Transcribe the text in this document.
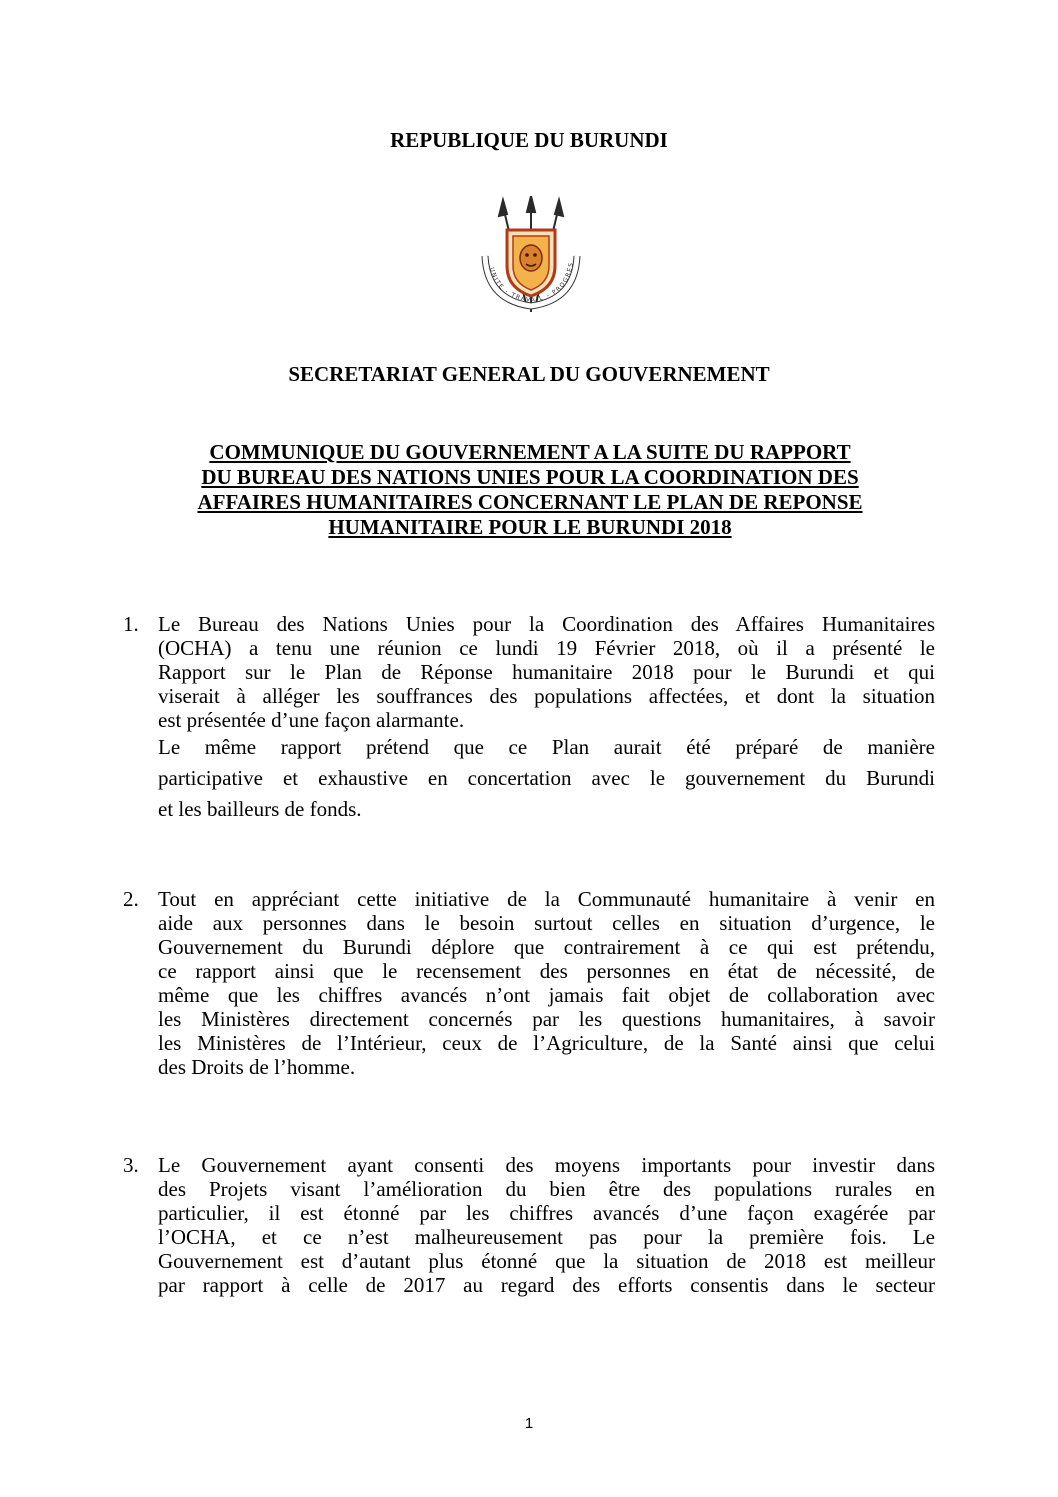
REPUBLIQUE DU BURUNDI
UNITE - TRAVAIL - PROGRES
SECRETARIAT GENERAL DU GOUVERNEMENT
COMMUNIQUE DU GOUVERNEMENT A LA SUITE DU RAPPORT
DU BUREAU DES NATIONS UNIES POUR LA COORDINATION DES
AFFAIRES HUMANITAIRES CONCERNANT LE PLAN DE REPONSE
HUMANITAIRE POUR LE BURUNDI 2018
1. Le Bureau des Nations Unies pour la Coordination des Affaires Humanitaires
(OCHA) a tenu une réunion ce lundi 19 Février 2018, où il a présenté le
Rapport sur le Plan de Réponse humanitaire 2018 pour le Burundi et qui
viserait à alléger les souffrances des populations affectées, et dont la situation
est présentée d’une façon alarmante.
Le même rapport prétend que ce Plan aurait été préparé de manière
participative et exhaustive en concertation avec le gouvernement du Burundi
et les bailleurs de fonds.
2. Tout en appréciant cette initiative de la Communauté humanitaire à venir en
aide aux personnes dans le besoin surtout celles en situation d’urgence, le
Gouvernement du Burundi déplore que contrairement à ce qui est prétendu,
ce rapport ainsi que le recensement des personnes en état de nécessité, de
même que les chiffres avancés n’ont jamais fait objet de collaboration avec
les Ministères directement concernés par les questions humanitaires, à savoir
les Ministères de l’Intérieur, ceux de l’Agriculture, de la Santé ainsi que celui
des Droits de l’homme.
3. Le Gouvernement ayant consenti des moyens importants pour investir dans
des Projets visant l’amélioration du bien être des populations rurales en
particulier, il est étonné par les chiffres avancés d’une façon exagérée par
l’OCHA, et ce n’est malheureusement pas pour la première fois. Le
Gouvernement est d’autant plus étonné que la situation de 2018 est meilleur
par rapport à celle de 2017 au regard des efforts consentis dans le secteur
1
